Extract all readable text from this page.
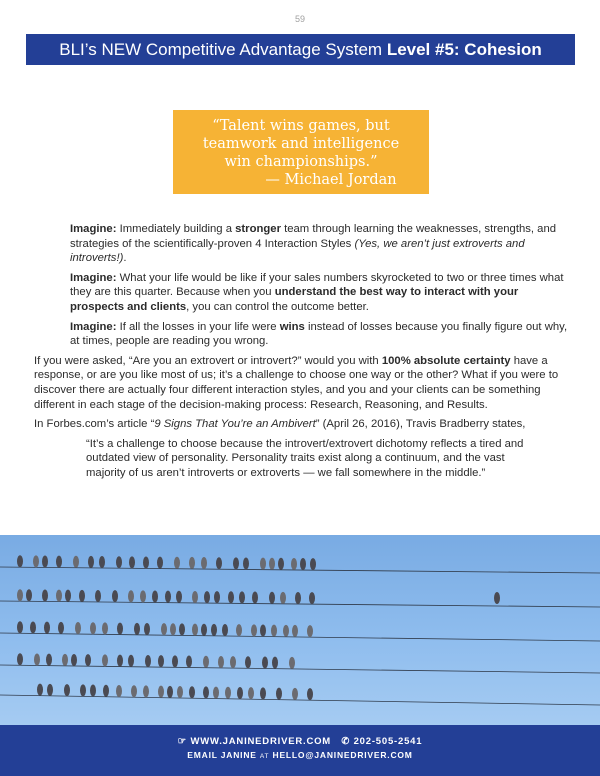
59
BLI’s NEW Competitive Advantage System Level #5: Cohesion
“Talent wins games, but
teamwork and intelligence
win championships.”
— Michael Jordan

Imagine: Immediately building a stronger team through learning the weaknesses, strengths, and strategies of the scientifically-proven 4 Interaction Styles (Yes, we aren’t just extroverts and introverts!).

Imagine: What your life would be like if your sales numbers skyrocketed to two or three times what they are this quarter. Because when you understand the best way to interact with your prospects and clients, you can control the outcome better.

Imagine: If all the losses in your life were wins instead of losses because you finally figure out why, at times, people are reading you wrong.

If you were asked, “Are you an extrovert or introvert?” would you with 100% absolute certainty have a response, or are you like most of us; it’s a challenge to choose one way or the other? What if you were to discover there are actually four different interaction styles, and you and your clients can be something different in each stage of the decision-making process: Research, Reasoning, and Results.

In Forbes.com’s article “9 Signs That You’re an Ambivert” (April 26, 2016), Travis Bradberry states,

“It’s a challenge to choose because the introvert/extrovert dichotomy reflects a tired and outdated view of personality. Personality traits exist along a continuum, and the vast majority of us aren’t introverts or extroverts — we fall somewhere in the middle.”

☞ WWW.JANINEDRIVER.COM ✆ 202-505-2541
EMAIL JANINE AT HELLO@JANINEDRIVER.COM
